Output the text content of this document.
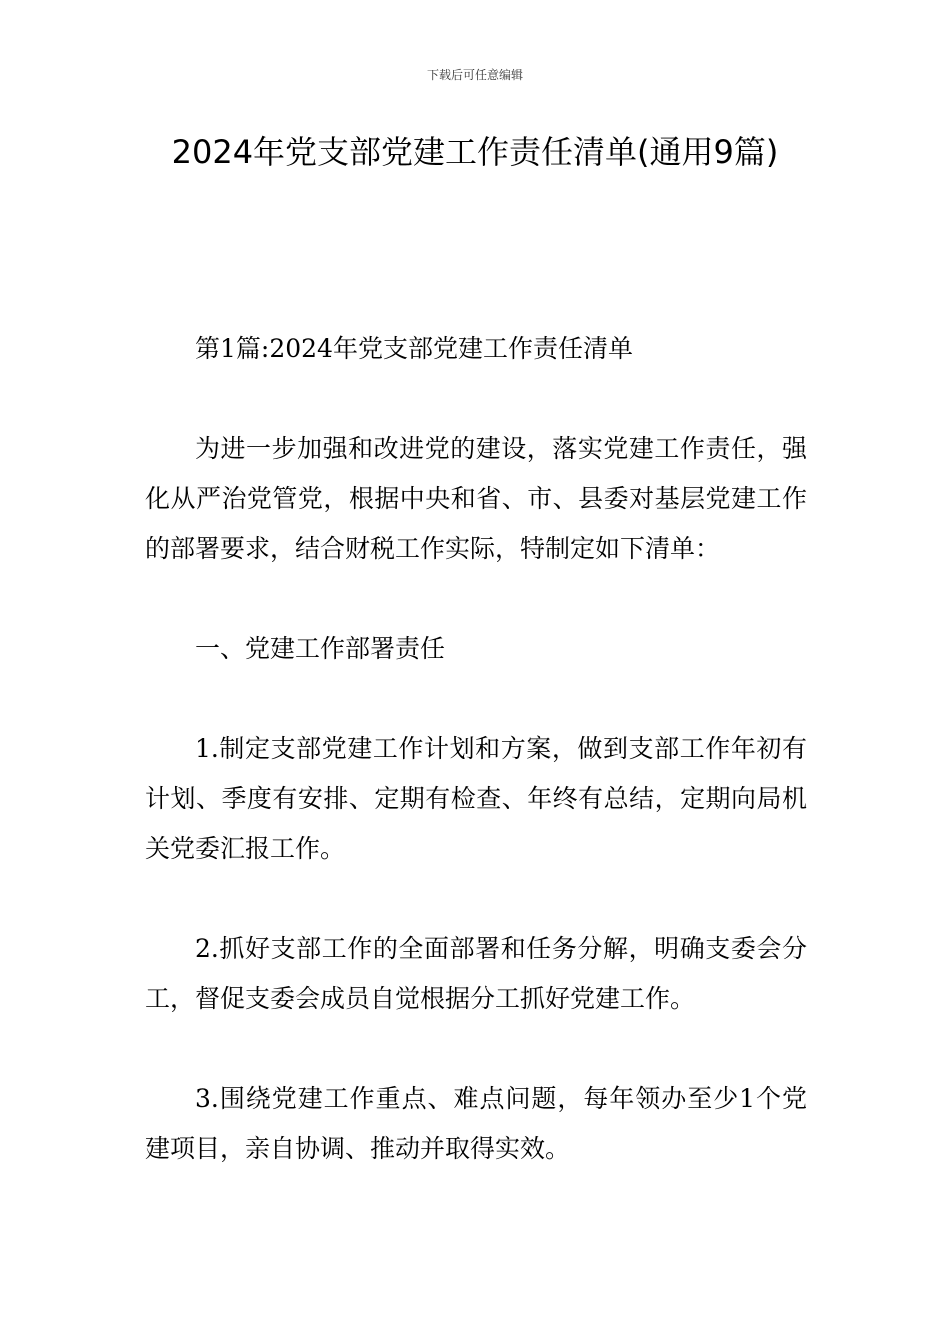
下载后可任意编辑
2024年党支部党建工作责任清单(通用9篇)

第1篇:2024年党支部党建工作责任清单

为进一步加强和改进党的建设，落实党建工作责任，强化从严治党管党，根据中央和省、市、县委对基层党建工作的部署要求，结合财税工作实际，特制定如下清单：

一、党建工作部署责任

1.制定支部党建工作计划和方案，做到支部工作年初有计划、季度有安排、定期有检查、年终有总结，定期向局机关党委汇报工作。

2.抓好支部工作的全面部署和任务分解，明确支委会分工，督促支委会成员自觉根据分工抓好党建工作。

3.围绕党建工作重点、难点问题，每年领办至少1个党建项目，亲自协调、推动并取得实效。
